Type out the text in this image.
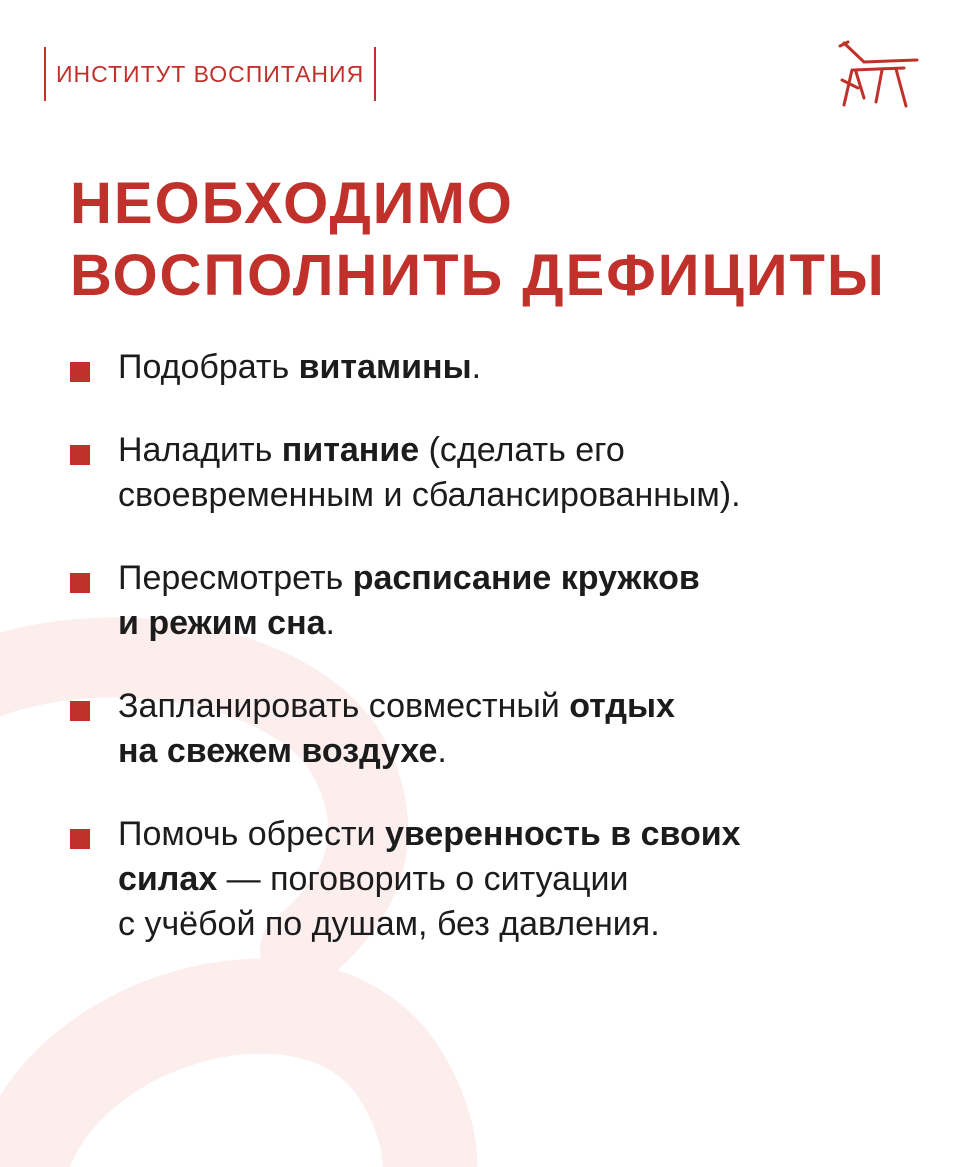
ИНСТИТУТ ВОСПИТАНИЯ
НЕОБХОДИМО
ВОСПОЛНИТЬ ДЕФИЦИТЫ
Подобрать витамины.
Наладить питание (сделать его
своевременным и сбалансированным).
Пересмотреть расписание кружков
и режим сна.
Запланировать совместный отдых
на свежем воздухе.
Помочь обрести уверенность в своих
силах — поговорить о ситуации
с учёбой по душам, без давления.
